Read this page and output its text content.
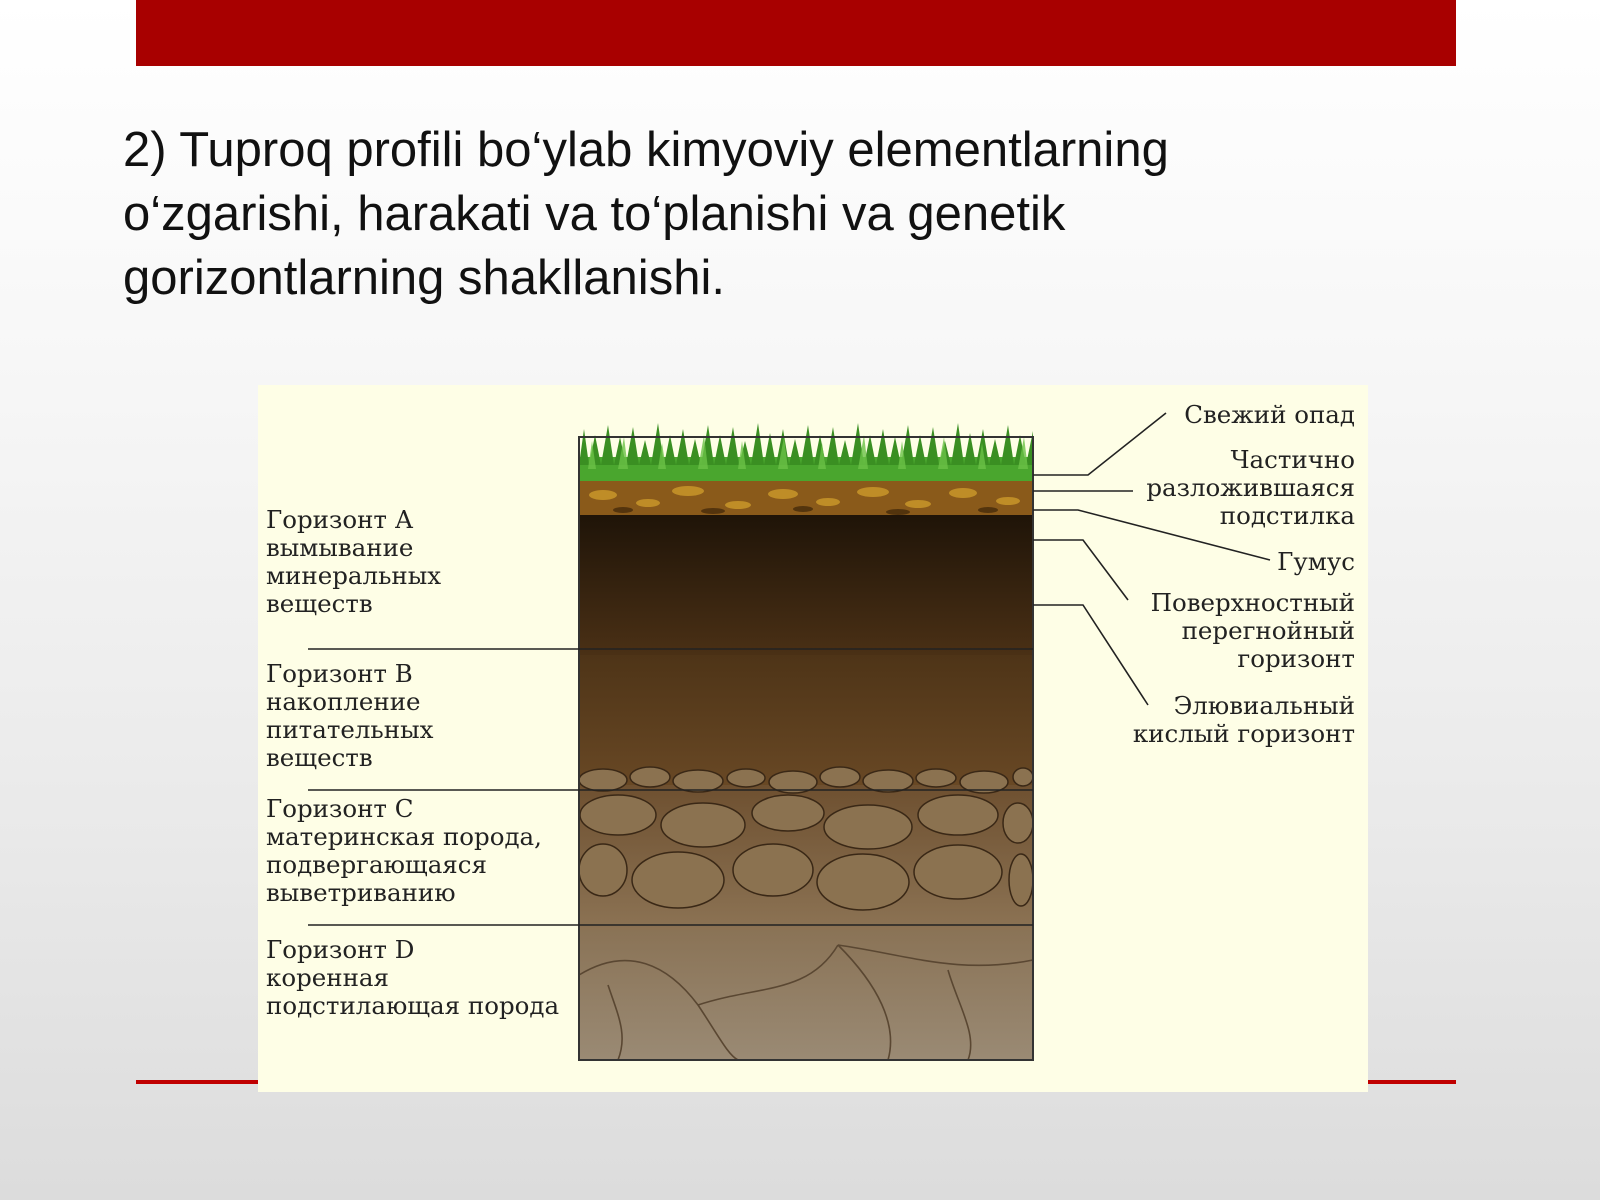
2) Tuproq profili bo‘ylab kimyoviy elementlarning
o‘zgarishi, harakati va to‘planishi va genetik
gorizontlarning shakllanishi.
Горизонт А
вымывание
минеральных
веществ
Горизонт В
накопление
питательных
веществ
Горизонт С
материнская порода,
подвергающаяся
выветриванию
Горизонт D
коренная
подстилающая порода
Свежий опад
Частично
разложившаяся
подстилка
Гумус
Поверхностный
перегнойный
горизонт
Элювиальный
кислый горизонт
